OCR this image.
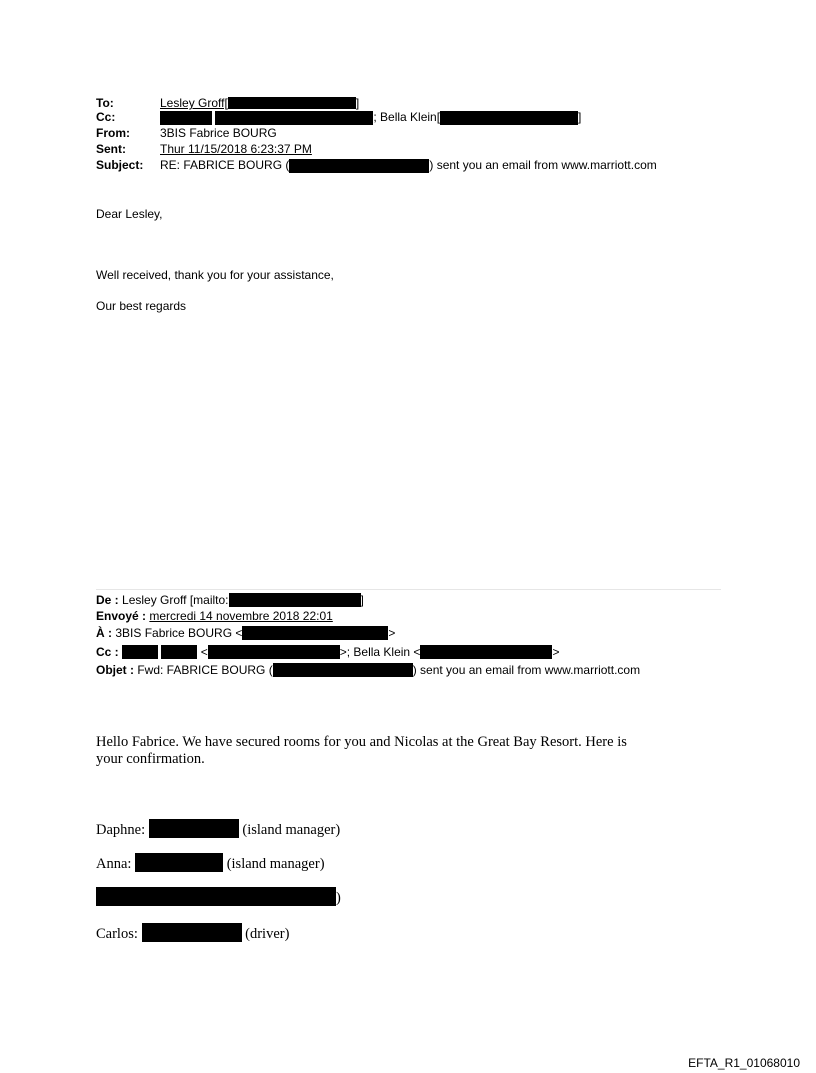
To:	Lesley Groff[	]
Cc:	; Bella Klein[	]
From:	3BIS Fabrice BOURG
Sent:	Thur 11/15/2018 6:23:37 PM
Subject: RE: FABRICE BOURG (	) sent you an email from www.marriott.com
Dear Lesley,
Well received, thank you for your assistance,
Our best regards
De : Lesley Groff [mailto:	]
Envoyé : mercredi 14 novembre 2018 22:01
À : 3BIS Fabrice BOURG <	>
Cc :	<	>; Bella Klein <	>
Objet : Fwd: FABRICE BOURG (	) sent you an email from www.marriott.com
Hello Fabrice. We have secured rooms for you and Nicolas at the Great Bay Resort. Here is
your confirmation.
Daphne:	(island manager)
Anna:	(island manager)
)
Carlos:	(driver)
EFTA_R1_01068010
